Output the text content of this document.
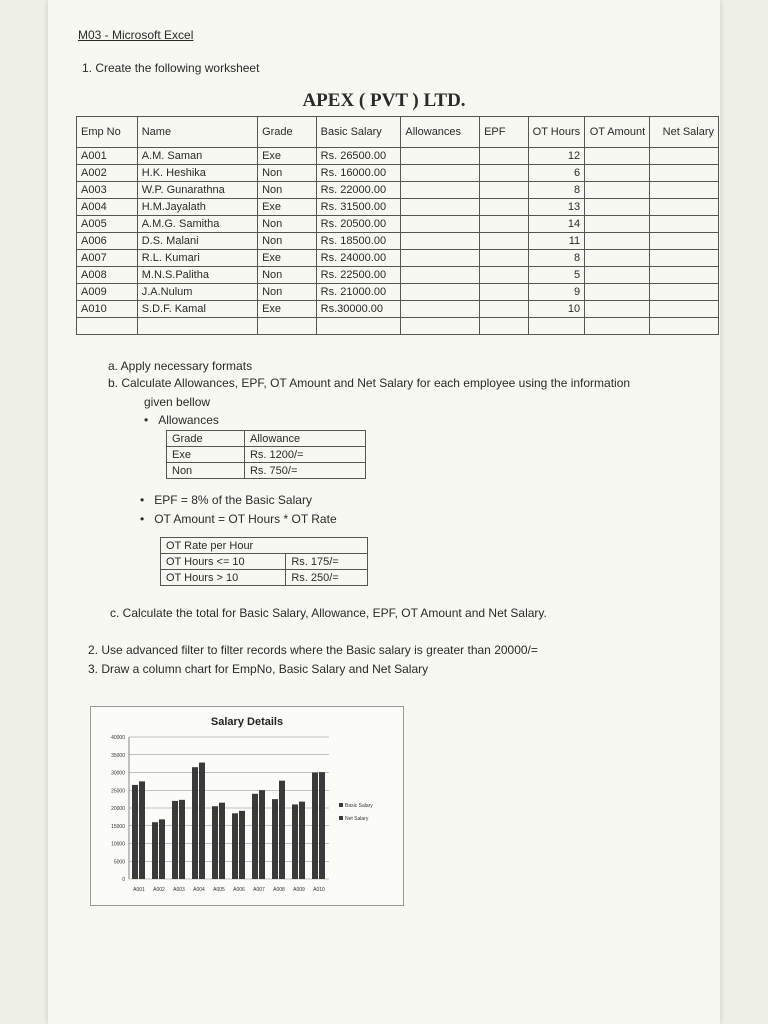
M03 - Microsoft Excel
1. Create the following worksheet
APEX ( PVT ) LTD.
Emp No	Name	Grade	Basic Salary	Allowances	EPF	OT Hours	OT Amount	Net Salary
A001	A.M. Saman	Exe	Rs. 26500.00			12		
A002	H.K. Heshika	Non	Rs. 16000.00			6		
A003	W.P. Gunarathna	Non	Rs. 22000.00			8		
A004	H.M.Jayalath	Exe	Rs. 31500.00			13		
A005	A.M.G. Samitha	Non	Rs. 20500.00			14		
A006	D.S. Malani	Non	Rs. 18500.00			11		
A007	R.L. Kumari	Exe	Rs. 24000.00			8		
A008	M.N.S.Palitha	Non	Rs. 22500.00			5		
A009	J.A.Nulum	Non	Rs. 21000.00			9		
A010	S.D.F. Kamal	Exe	Rs.30000.00			10		

a. Apply necessary formats
b. Calculate Allowances, EPF, OT Amount and Net Salary for each employee using the information
given bellow
•   Allowances
Grade	Allowance
Exe	Rs. 1200/=
Non	Rs. 750/=
•   EPF = 8% of the Basic Salary
•   OT Amount = OT Hours * OT Rate
OT Rate per Hour	
OT Hours <= 10	Rs. 175/=
OT Hours > 10	Rs. 250/=
c. Calculate the total for Basic Salary, Allowance, EPF, OT Amount and Net Salary.
2. Use advanced filter to filter records where the Basic salary is greater than 20000/=
3. Draw a column chart for EmpNo, Basic Salary and Net Salary
Salary Details
0
5000
10000
15000
20000
25000
30000
35000
40000
A001 A002 A003 A004 A005 A006 A007 A008 A009 A010
Basic Salary
Net Salary
